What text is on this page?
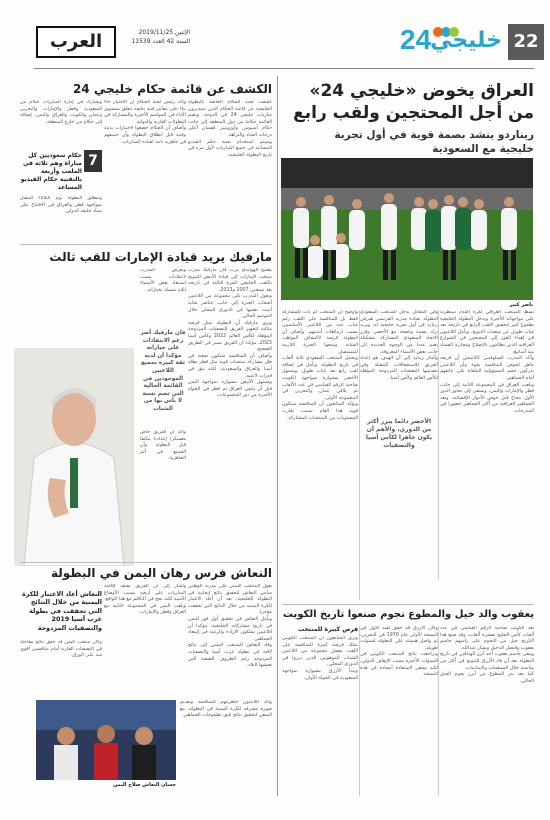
22
24
خليجي
الإثنين 2019/11/25
السنة 42 العدد 11539
العرب
العراق يخوض «خليجي 24»
من أجل المحتجين ولقب رابع
ريناردو ينشد بصمة قوية في أول تجربة
خليجية مع السعودية
ناصر كبير
بسط المنتخب العراقي لكرة القدم سيطرته على مواجهاته الأخيرة ويدخل البطولة الخليجية بطموح كبير لتحقيق اللقب الرابع في تاريخه بعد غياب طويل عن منصات التتويج. ويأمل اللاعبون في إهداء الفوز إلى المحتجين في الشوارع العراقية الذين يطالبون بالإصلاح ومحاربة الفساد منذ أسابيع.
وأكد المدرب السلوفيني كاتانيتش أن فريقه جاهز لخوض المنافسة بقوة وأن اللاعبين يدركون حجم المسؤولية الملقاة على عاتقهم أمام الجماهير.
ويلعب العراق في المجموعة الثانية إلى جانب قطر والإمارات واليمن، ويسعى إلى تجاوز الدور الأول بنجاح قبل خوض الأدوار الإقصائية. وتعد الجماهير العراقية من أكثر الجماهير حضورا في المدرجات.
وفي المقابل يدخل المنتخب السعودي البطولة بقيادة مدربه الفرنسي هيرفي رينارد في أول تجربة خليجية له، ويريد ترك بصمة واضحة مع الأخضر. وقرر الاتحاد السعودي المشاركة بتشكيلة تضم عددا من الوجوه الجديدة إلى جانب بعض الأسماء المعروفة.
وأشار رينارد إلى أن الهدف هو إعداد الفريق للاستحقاقات المقبلة وفي مقدمتها التصفيات المزدوجة المؤهلة لكأس العالم وكأس آسيا.
الأخضر دائما يبرز أكثر من الدوري، والأهم أن يكون جاهزا لكأس آسيا والتصفيات
وأوضح أن المنتخب لم يأت للمشاركة فقط بل للمنافسة على اللقب رغم غياب عدد من اللاعبين الأساسيين بسبب ارتباطات أنديتهم. وأضاف أن البطولة فرصة لاكتشاف المواهب الشابة ومنحها الخبرة اللازمة للمستقبل.
ويحمل المنتخب السعودي ثلاثة ألقاب في تاريخ البطولة، ويأمل في إضافة لقب رابع بعد غياب طويل. ويستهل الأخضر مشواره بمواجهة الكويت صاحبة الرقم القياسي في عدد الألقاب ثم يلاقي عمان والبحرين في المجموعة الأولى.
ويؤكد المتابعون أن المنافسة ستكون قوية هذا العام بسبب تقارب المستويات بين المنتخبات المشاركة.
الكشف عن قائمة حكام خليجي 24
كشفت لجنة الحكام الخاصة بالبطولة الخليجية عن قائمة الحكام الذين سيديرون مباريات خليجي 24 في الدوحة. وتضم القائمة حكاما من دول المنطقة إلى جانب حكام آسيويين وأوروبيين لضمان أعلى درجات الحياد والنزاهة.
وسيتم استخدام تقنية حكم الفيديو المساعد في جميع المباريات لأول مرة في تاريخ البطولة الخليجية.
وأكد رئيس لجنة الحكام أن الاختيار جاء بناء على معايير فنية دقيقة تتعلق بمستوى الأداء في المواسم الأخيرة والمشاركة في البطولات القارية والدولية.
وأضاف أن الحكام خضعوا لاختبارات بدنية وفنية قبل انطلاق البطولة وأن جميعهم في جاهزية تامة لقيادة المباريات.
ويشارك في إدارة المباريات حكام من السعودية وقطر والإمارات والبحرين وعمان والكويت والعراق واليمن، إضافة إلى حكام من خارج المنطقة.
7
حكام سعوديين كل مباراة وهم ثلاثة في الملعب وأربعة بالتقنية حكام الفيديو المساعد
وتنطلق البطولة يوم الثلاثاء المقبل بمواجهة قطر والعراق في الافتتاح على ستاد خليفة الدولي.
مارفيك يريد قيادة الإمارات للقب ثالث
يطمح الهولندي بيرت فان مارفيك مدرب منتخب الإمارات إلى قيادة الأبيض للتتويج باللقب الخليجي للمرة الثالثة في تاريخه بعد نسختي 2007 و2013.
ويعول المدرب على مجموعة من اللاعبين أصحاب الخبرة إلى جانب عناصر شابة أثبتت نفسها في الدوري المحلي خلال الموسم الحالي.
ويرى مارفيك أن البطولة تمثل فرصة مثالية لتجهيز الفريق للتصفيات المزدوجة المؤهلة لكأس العالم 2022 وكأس آسيا 2023، مؤكدا أن الفريق يسير في الطريق الصحيح.
وأضاف أن المنافسة ستكون صعبة في ظل مشاركة منتخبات قوية مثل قطر بطلة آسيا والعراق والسعودية، لكنه يثق في قدرات لاعبيه.
ويستهل الأبيض مشواره بمواجهة اليمن قبل أن يلتقي العراق ثم قطر في الجولة الأخيرة من دور المجموعات.
وتعرض المدرب لانتقادات بسبب استبعاد بعض الأسماء لكنه تمسك بخياراته.
فان مارفيك أصر رغم الانتقادات على خياراته مؤكدا أن لديه ثقة كبيرة بجميع اللاعبين الموجودين في القائمة الحالية التي تضم نسبة لا بأس بها من الشباب
وأكد أن الفريق خاض معسكرا إعداديا مكثفا قبل البطولة وأن الجميع في أتم الجاهزية.
النعاش فرس رهان اليمن في البطولة
يعول المنتخب اليمني على مدربه الوطني سامي النعاش لتحقيق نتائج إيجابية في البطولة الخليجية، بعد أن أعاد الاعتبار للكرة اليمنية من خلال النتائج التي تحققت مؤخرا.
ويأمل النعاش في تحقيق أول فوز لليمن في تاريخ مشاركاته الخليجية، مؤكدا أن اللاعبين يملكون الإرادة والرغبة في إسعاد الجماهير.
وقاد النعاش المنتخب اليمني إلى نتائج لافتة في بطولة غرب آسيا والتصفيات المزدوجة رغم الظروف الصعبة التي تعيشها البلاد.
وأشار إلى أن الفريق يفتقد لإقامة المباريات على أرضه بسبب الأوضاع الأمنية لكنه نجح في التأقلم مع هذا الواقع.
ويلعب اليمن في المجموعة الثانية مع العراق وقطر والإمارات.
النعاش أعاد الاعتبار للكرة اليمنية من خلال النتائج التي تحققت في بطولة غرب آسيا 2019 والتصفيات المزدوجة
وكان منتخب اليمن قد حقق نتائج مفاجئة في التصفيات القارية أمام منافسين أقوى منه على الورق.
حسان النعاش صلاح اليمن
وأكد اللاعبون جاهزيتهم للمنافسة وتقديم صورة مشرفة للكرة اليمنية في البطولة، مع السعي لتحقيق نتائج تليق بطموحات الجماهير.
يعقوب والد خيل والمطوع نجوم صنعوا تاريخ الكويت
تعد الكويت صاحبة الرقم القياسي في عدد ألقاب كأس الخليج بعشرة ألقاب، وقد صنع هذا التاريخ جيل من النجوم على رأسهم جاسم يعقوب وفيصل الدخيل وبشار عبدالله.
ويبقى جاسم يعقوب أحد أبرز الهدافين في تاريخ البطولة بعد أن قاد الأزرق للتتويج في أكثر من مناسبة خلال السبعينات والثمانينات.
كما يعد بدر المطوع من أبرز نجوم الجيل الحالي.
وكان الأزرق قد حقق لقبه الأول في النسخة الأولى عام 1970 في البحرين، ثم واصل هيمنته على البطولة لسنوات طويلة.
وتراجعت نتائج المنتخب الكويتي في السنوات الأخيرة بسبب الإيقاف الدولي، لكنه يسعى لاستعادة أمجاده في هذه النسخة.
فرص كبيرة للمنتخب
ويرى المتابعون أن المنتخب الكويتي يملك فرصة كبيرة للمنافسة على اللقب بفضل مجموعة من اللاعبين الشباب الموهوبين الذين برزوا في الدوري المحلي.
ويبدأ الأزرق مشواره بمواجهة السعودية في الجولة الأولى.
